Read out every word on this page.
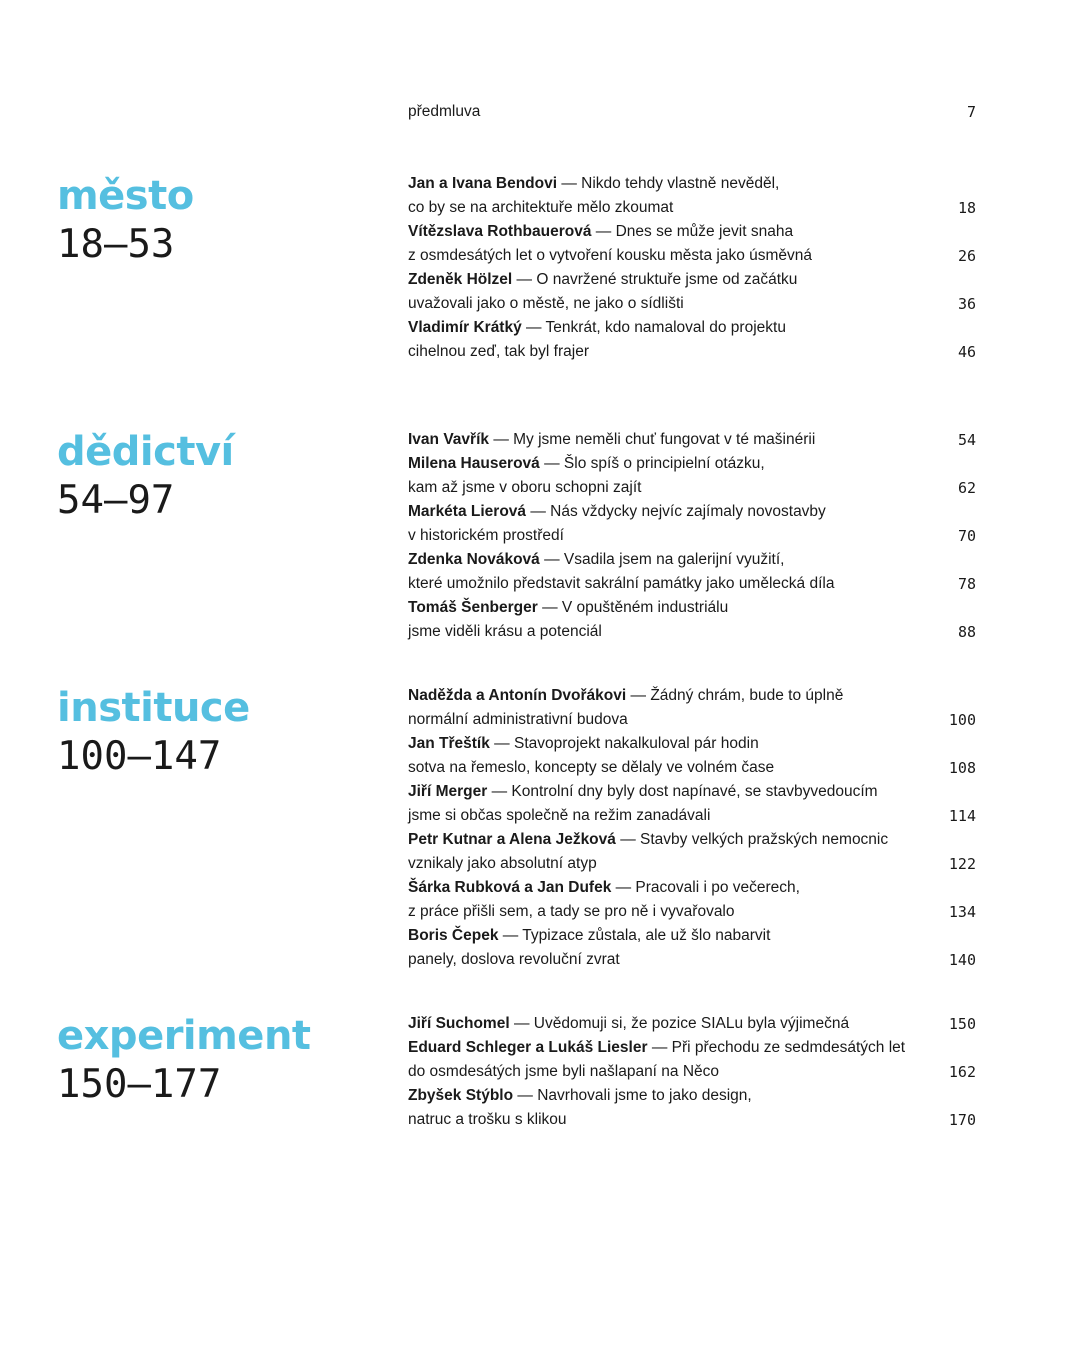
předmluva	7
město
18—53
Jan a Ivana Bendovi — Nikdo tehdy vlastně nevěděl,
co by se na architektuře mělo zkoumat	18
Vítězslava Rothbauerová — Dnes se může jevit snaha
z osmdesátých let o vytvoření kousku města jako úsměvná	26
Zdeněk Hölzel — O navržené struktuře jsme od začátku
uvažovali jako o městě, ne jako o sídlišti	36
Vladimír Krátký — Tenkrát, kdo namaloval do projektu
cihelnou zeď, tak byl frajer	46
dědictví
54—97
Ivan Vavřík — My jsme neměli chuť fungovat v té mašinérii	54
Milena Hauserová — Šlo spíš o principielní otázku,
kam až jsme v oboru schopni zajít	62
Markéta Lierová — Nás vždycky nejvíc zajímaly novostavby
v historickém prostředí	70
Zdenka Nováková — Vsadila jsem na galerijní využití,
které umožnilo představit sakrální památky jako umělecká díla	78
Tomáš Šenberger — V opuštěném industriálu
jsme viděli krásu a potenciál	88
instituce
100—147
Naděžda a Antonín Dvořákovi — Žádný chrám, bude to úplně
normální administrativní budova	100
Jan Třeštík — Stavoprojekt nakalkuloval pár hodin
sotva na řemeslo, koncepty se dělaly ve volném čase	108
Jiří Merger — Kontrolní dny byly dost napínavé, se stavbyvedoucím
jsme si občas společně na režim zanadávali	114
Petr Kutnar a Alena Ježková — Stavby velkých pražských nemocnic
vznikaly jako absolutní atyp	122
Šárka Rubková a Jan Dufek — Pracovali i po večerech,
z práce přišli sem, a tady se pro ně i vyvařovalo	134
Boris Čepek — Typizace zůstala, ale už šlo nabarvit
panely, doslova revoluční zvrat	140
experiment
150—177
Jiří Suchomel — Uvědomuji si, že pozice SIALu byla výjimečná	150
Eduard Schleger a Lukáš Liesler — Při přechodu ze sedmdesátých let
do osmdesátých jsme byli našlapaní na Něco	162
Zbyšek Stýblo — Navrhovali jsme to jako design,
natruc a trošku s klikou	170
